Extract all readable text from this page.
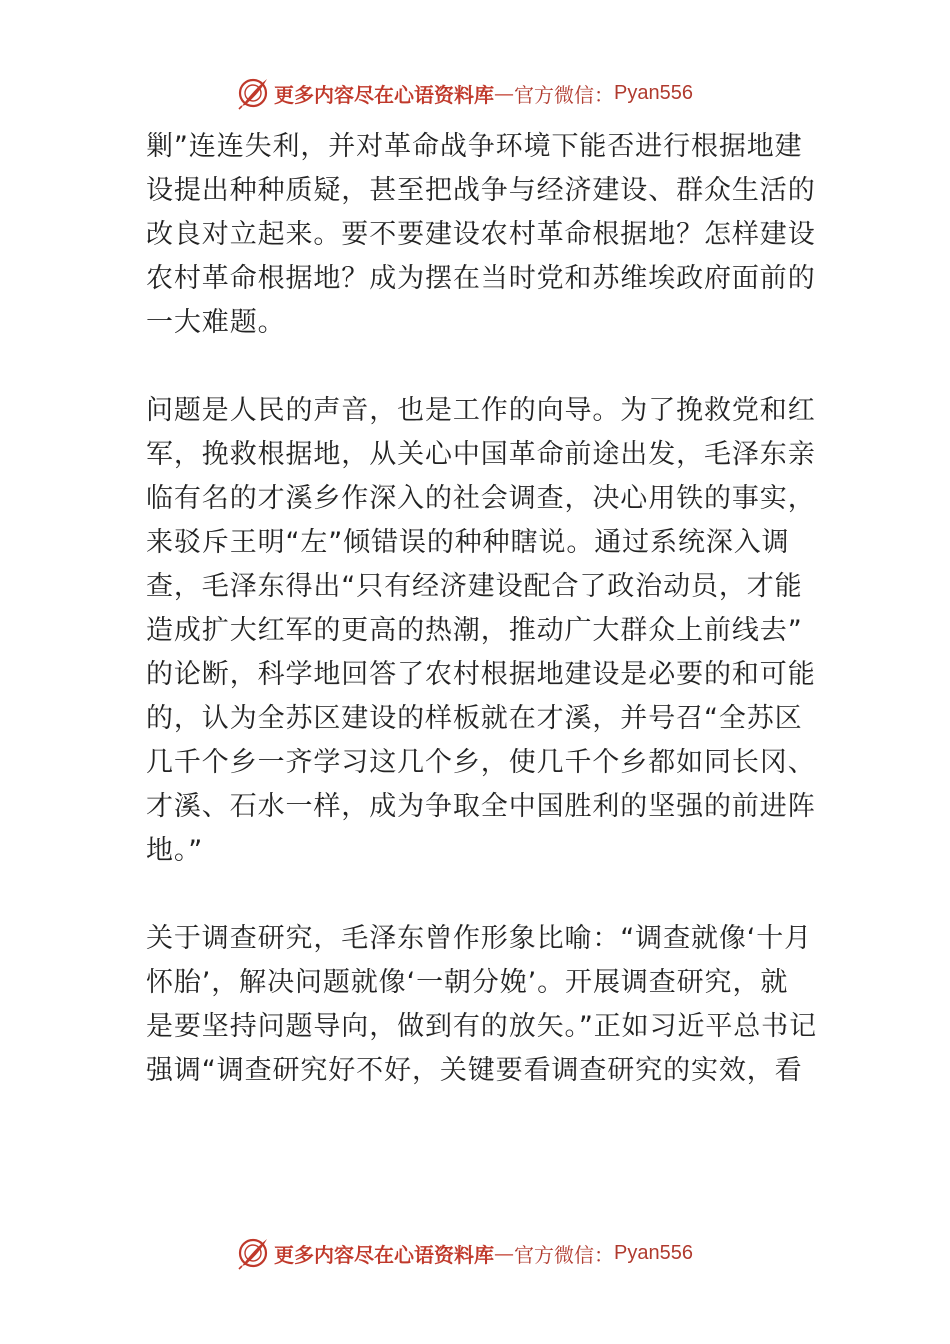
更多内容尽在心语资料库 — 官方微信： Pyan556
剿”连连失利，并对革命战争环境下能否进行根据地建
设提出种种质疑，甚至把战争与经济建设、群众生活的
改良对立起来。要不要建设农村革命根据地？怎样建设
农村革命根据地？成为摆在当时党和苏维埃政府面前的
一大难题。
问题是人民的声音，也是工作的向导。为了挽救党和红
军，挽救根据地，从关心中国革命前途出发，毛泽东亲
临有名的才溪乡作深入的社会调查，决心用铁的事实，
来驳斥王明“左”倾错误的种种瞎说。通过系统深入调
查，毛泽东得出“只有经济建设配合了政治动员，才能
造成扩大红军的更高的热潮，推动广大群众上前线去”
的论断，科学地回答了农村根据地建设是必要的和可能
的，认为全苏区建设的样板就在才溪，并号召“全苏区
几千个乡一齐学习这几个乡，使几千个乡都如同长冈、
才溪、石水一样，成为争取全中国胜利的坚强的前进阵
地。”
关于调查研究，毛泽东曾作形象比喻：“调查就像‘十月
怀胎’，解决问题就像‘一朝分娩’。开展调查研究，就
是要坚持问题导向，做到有的放矢。”正如习近平总书记
强调“调查研究好不好，关键要看调查研究的实效，看
更多内容尽在心语资料库 — 官方微信： Pyan556
